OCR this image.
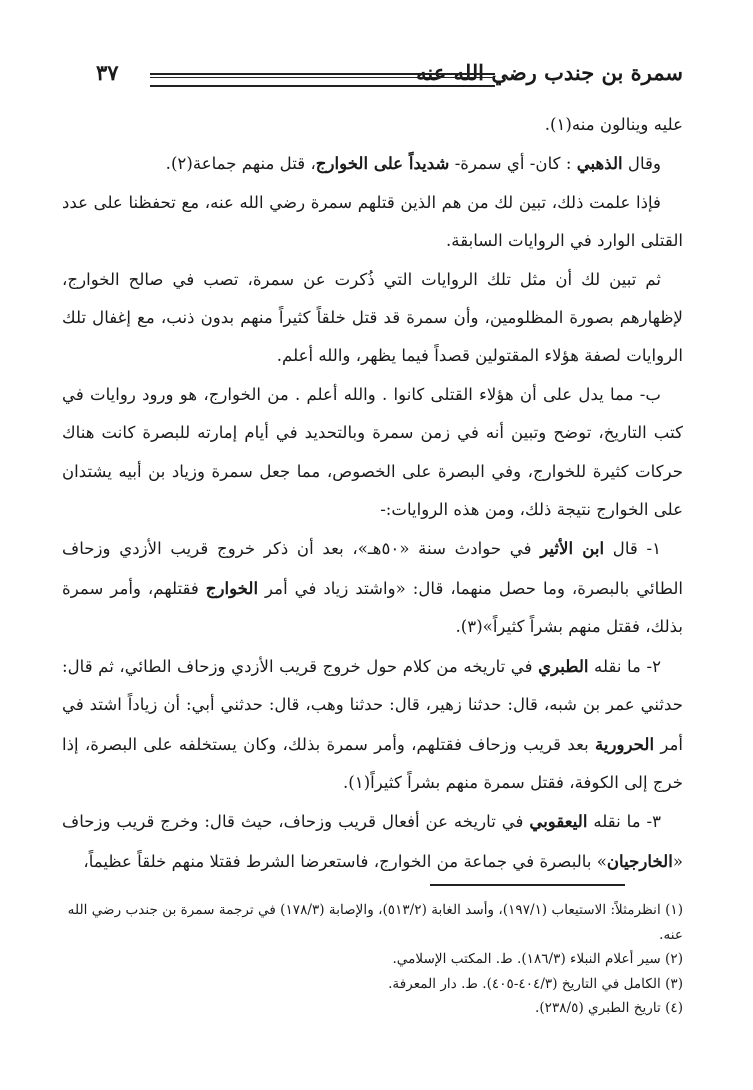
سمرة بن جندب رضي الله عنه
٣٧

عليه وينالون منه(١).

وقال الذهبي : كان- أي سمرة- شديداً على الخوارج، قتل منهم جماعة(٢).

فإذا علمت ذلك، تبين لك من هم الذين قتلهم سمرة رضي الله عنه، مع تحفظنا على عدد القتلى الوارد في الروايات السابقة.

ثم تبين لك أن مثل تلك الروايات التي ذُكرت عن سمرة، تصب في صالح الخوارج، لإظهارهم بصورة المظلومين، وأن سمرة قد قتل خلقاً كثيراً منهم بدون ذنب، مع إغفال تلك الروايات لصفة هؤلاء المقتولين قصداً فيما يظهر، والله أعلم.

ب- مما يدل على أن هؤلاء القتلى كانوا . والله أعلم . من الخوارج، هو ورود روايات في كتب التاريخ، توضح وتبين أنه في زمن سمرة وبالتحديد في أيام إمارته للبصرة كانت هناك حركات كثيرة للخوارج، وفي البصرة على الخصوص، مما جعل سمرة وزياد بن أبيه يشتدان على الخوارج نتيجة ذلك، ومن هذه الروايات:-

١- قال ابن الأثير في حوادث سنة «٥٠هـ»، بعد أن ذكر خروج قريب الأزدي وزحاف الطائي بالبصرة، وما حصل منهما، قال: «واشتد زياد في أمر الخوارج فقتلهم، وأمر سمرة بذلك، فقتل منهم بشراً كثيراً»(٣).

٢- ما نقله الطبري في تاريخه من كلام حول خروج قريب الأزدي وزحاف الطائي، ثم قال: حدثني عمر بن شبه، قال: حدثنا زهير، قال: حدثنا وهب، قال: حدثني أبي: أن زياداً اشتد في أمر الحرورية بعد قريب وزحاف فقتلهم، وأمر سمرة بذلك، وكان يستخلفه على البصرة، إذا خرج إلى الكوفة، فقتل سمرة منهم بشراً كثيراً(١).

٣- ما نقله اليعقوبي في تاريخه عن أفعال قريب وزحاف، حيث قال: وخرج قريب وزحاف «الخارجيان» بالبصرة في جماعة من الخوارج، فاستعرضا الشرط فقتلا منهم خلقاً عظيماً،

(١) انظرمثلاً: الاستيعاب (١٩٧/١)، وأسد الغابة (٥١٣/٢)، والإصابة (١٧٨/٣) في ترجمة سمرة بن جندب رضي الله عنه.

(٢) سير أعلام النبلاء (١٨٦/٣). ط. المكتب الإسلامي.

(٣) الكامل في التاريخ (٤٠٤/٣-٤٠٥). ط. دار المعرفة.

(٤) تاريخ الطبري (٢٣٨/٥).
